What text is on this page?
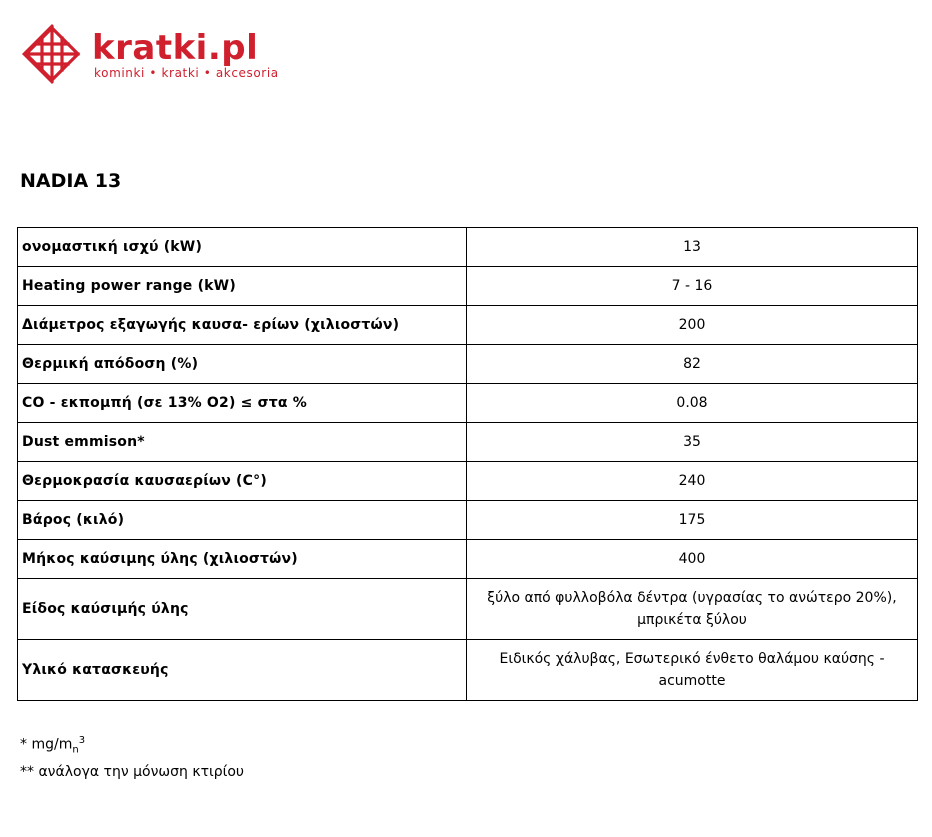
kratki.pl
kominki • kratki • akcesoria
NADIA 13
ονομαστική ισχύ (kW)	13
Heating power range (kW)	7 - 16
Διάμετρος εξαγωγής καυσα- ερίων (χιλιοστών)	200
Θερμική απόδοση (%)	82
CO - εκπομπή (σε 13% O2) ≤ στα %	0.08
Dust emmison*	35
Θερμοκρασία καυσαερίων (C°)	240
Βάρος (κιλό)	175
Μήκος καύσιμης ύλης (χιλιοστών)	400
Είδος καύσιμής ύλης	ξύλο από φυλλοβόλα δέντρα (υγρασίας το ανώτερο 20%),
μπρικέτα ξύλου
Υλικό κατασκευής	Ειδικός χάλυβας, Εσωτερικό ένθετο θαλάμου καύσης -
acumotte
* $mg/m_n^3$
** ανάλογα την μόνωση κτιρίου
